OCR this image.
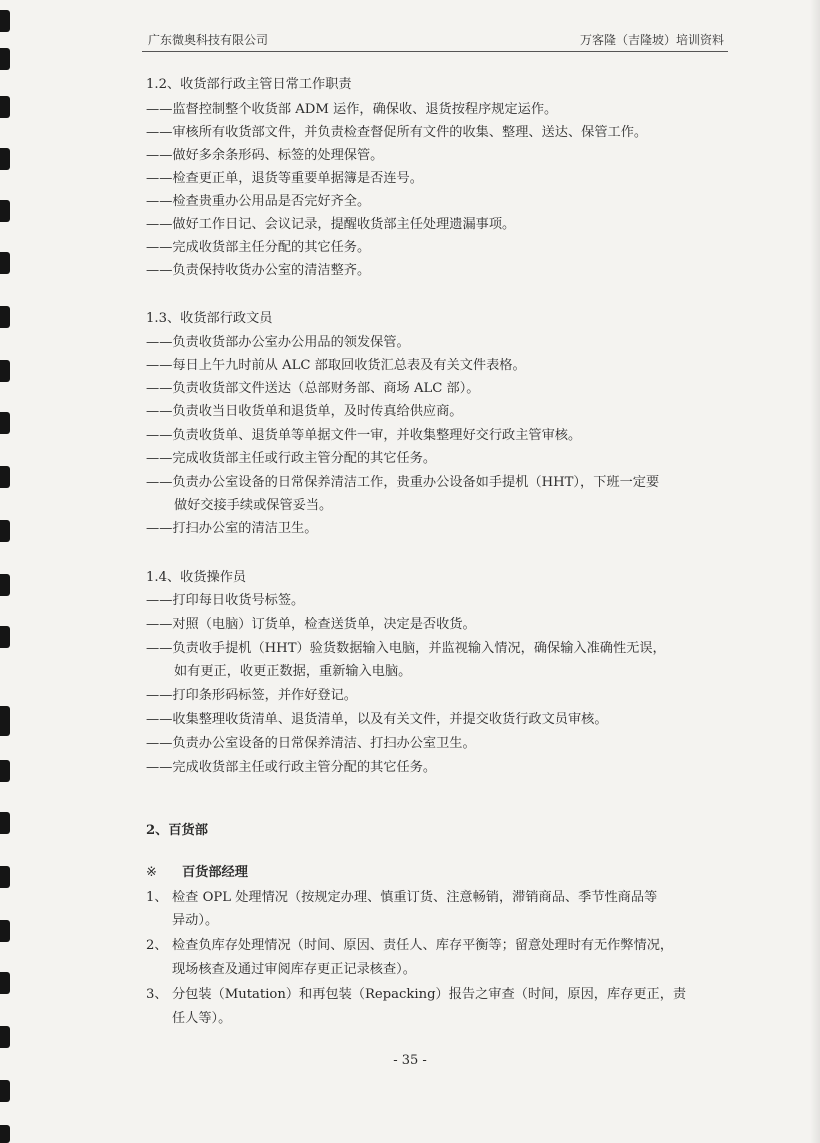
广东微奥科技有限公司	万客隆（吉隆坡）培训资料
1.2、收货部行政主管日常工作职责
——监督控制整个收货部 ADM 运作，确保收、退货按程序规定运作。
——审核所有收货部文件，并负责检查督促所有文件的收集、整理、送达、保管工作。
——做好多余条形码、标签的处理保管。
——检查更正单，退货等重要单据簿是否连号。
——检查贵重办公用品是否完好齐全。
——做好工作日记、会议记录，提醒收货部主任处理遗漏事项。
——完成收货部主任分配的其它任务。
——负责保持收货办公室的清洁整齐。
1.3、收货部行政文员
——负责收货部办公室办公用品的领发保管。
——每日上午九时前从 ALC 部取回收货汇总表及有关文件表格。
——负责收货部文件送达（总部财务部、商场 ALC 部）。
——负责收当日收货单和退货单，及时传真给供应商。
——负责收货单、退货单等单据文件一审，并收集整理好交行政主管审核。
——完成收货部主任或行政主管分配的其它任务。
——负责办公室设备的日常保养清洁工作，贵重办公设备如手提机（HHT），下班一定要
做好交接手续或保管妥当。
——打扫办公室的清洁卫生。
1.4、收货操作员
——打印每日收货号标签。
——对照（电脑）订货单，检查送货单，决定是否收货。
——负责收手提机（HHT）验货数据输入电脑，并监视输入情况，确保输入准确性无误，
如有更正，收更正数据，重新输入电脑。
——打印条形码标签，并作好登记。
——收集整理收货清单、退货清单，以及有关文件，并提交收货行政文员审核。
——负责办公室设备的日常保养清洁、打扫办公室卫生。
——完成收货部主任或行政主管分配的其它任务。
2、百货部
※ 百货部经理
1、 检查 OPL 处理情况（按规定办理、慎重订货、注意畅销，滞销商品、季节性商品等
异动）。
2、 检查负库存处理情况（时间、原因、责任人、库存平衡等；留意处理时有无作弊情况，
现场核查及通过审阅库存更正记录核查）。
3、 分包装（Mutation）和再包装（Repacking）报告之审查（时间，原因，库存更正，责
任人等）。
- 35 -
